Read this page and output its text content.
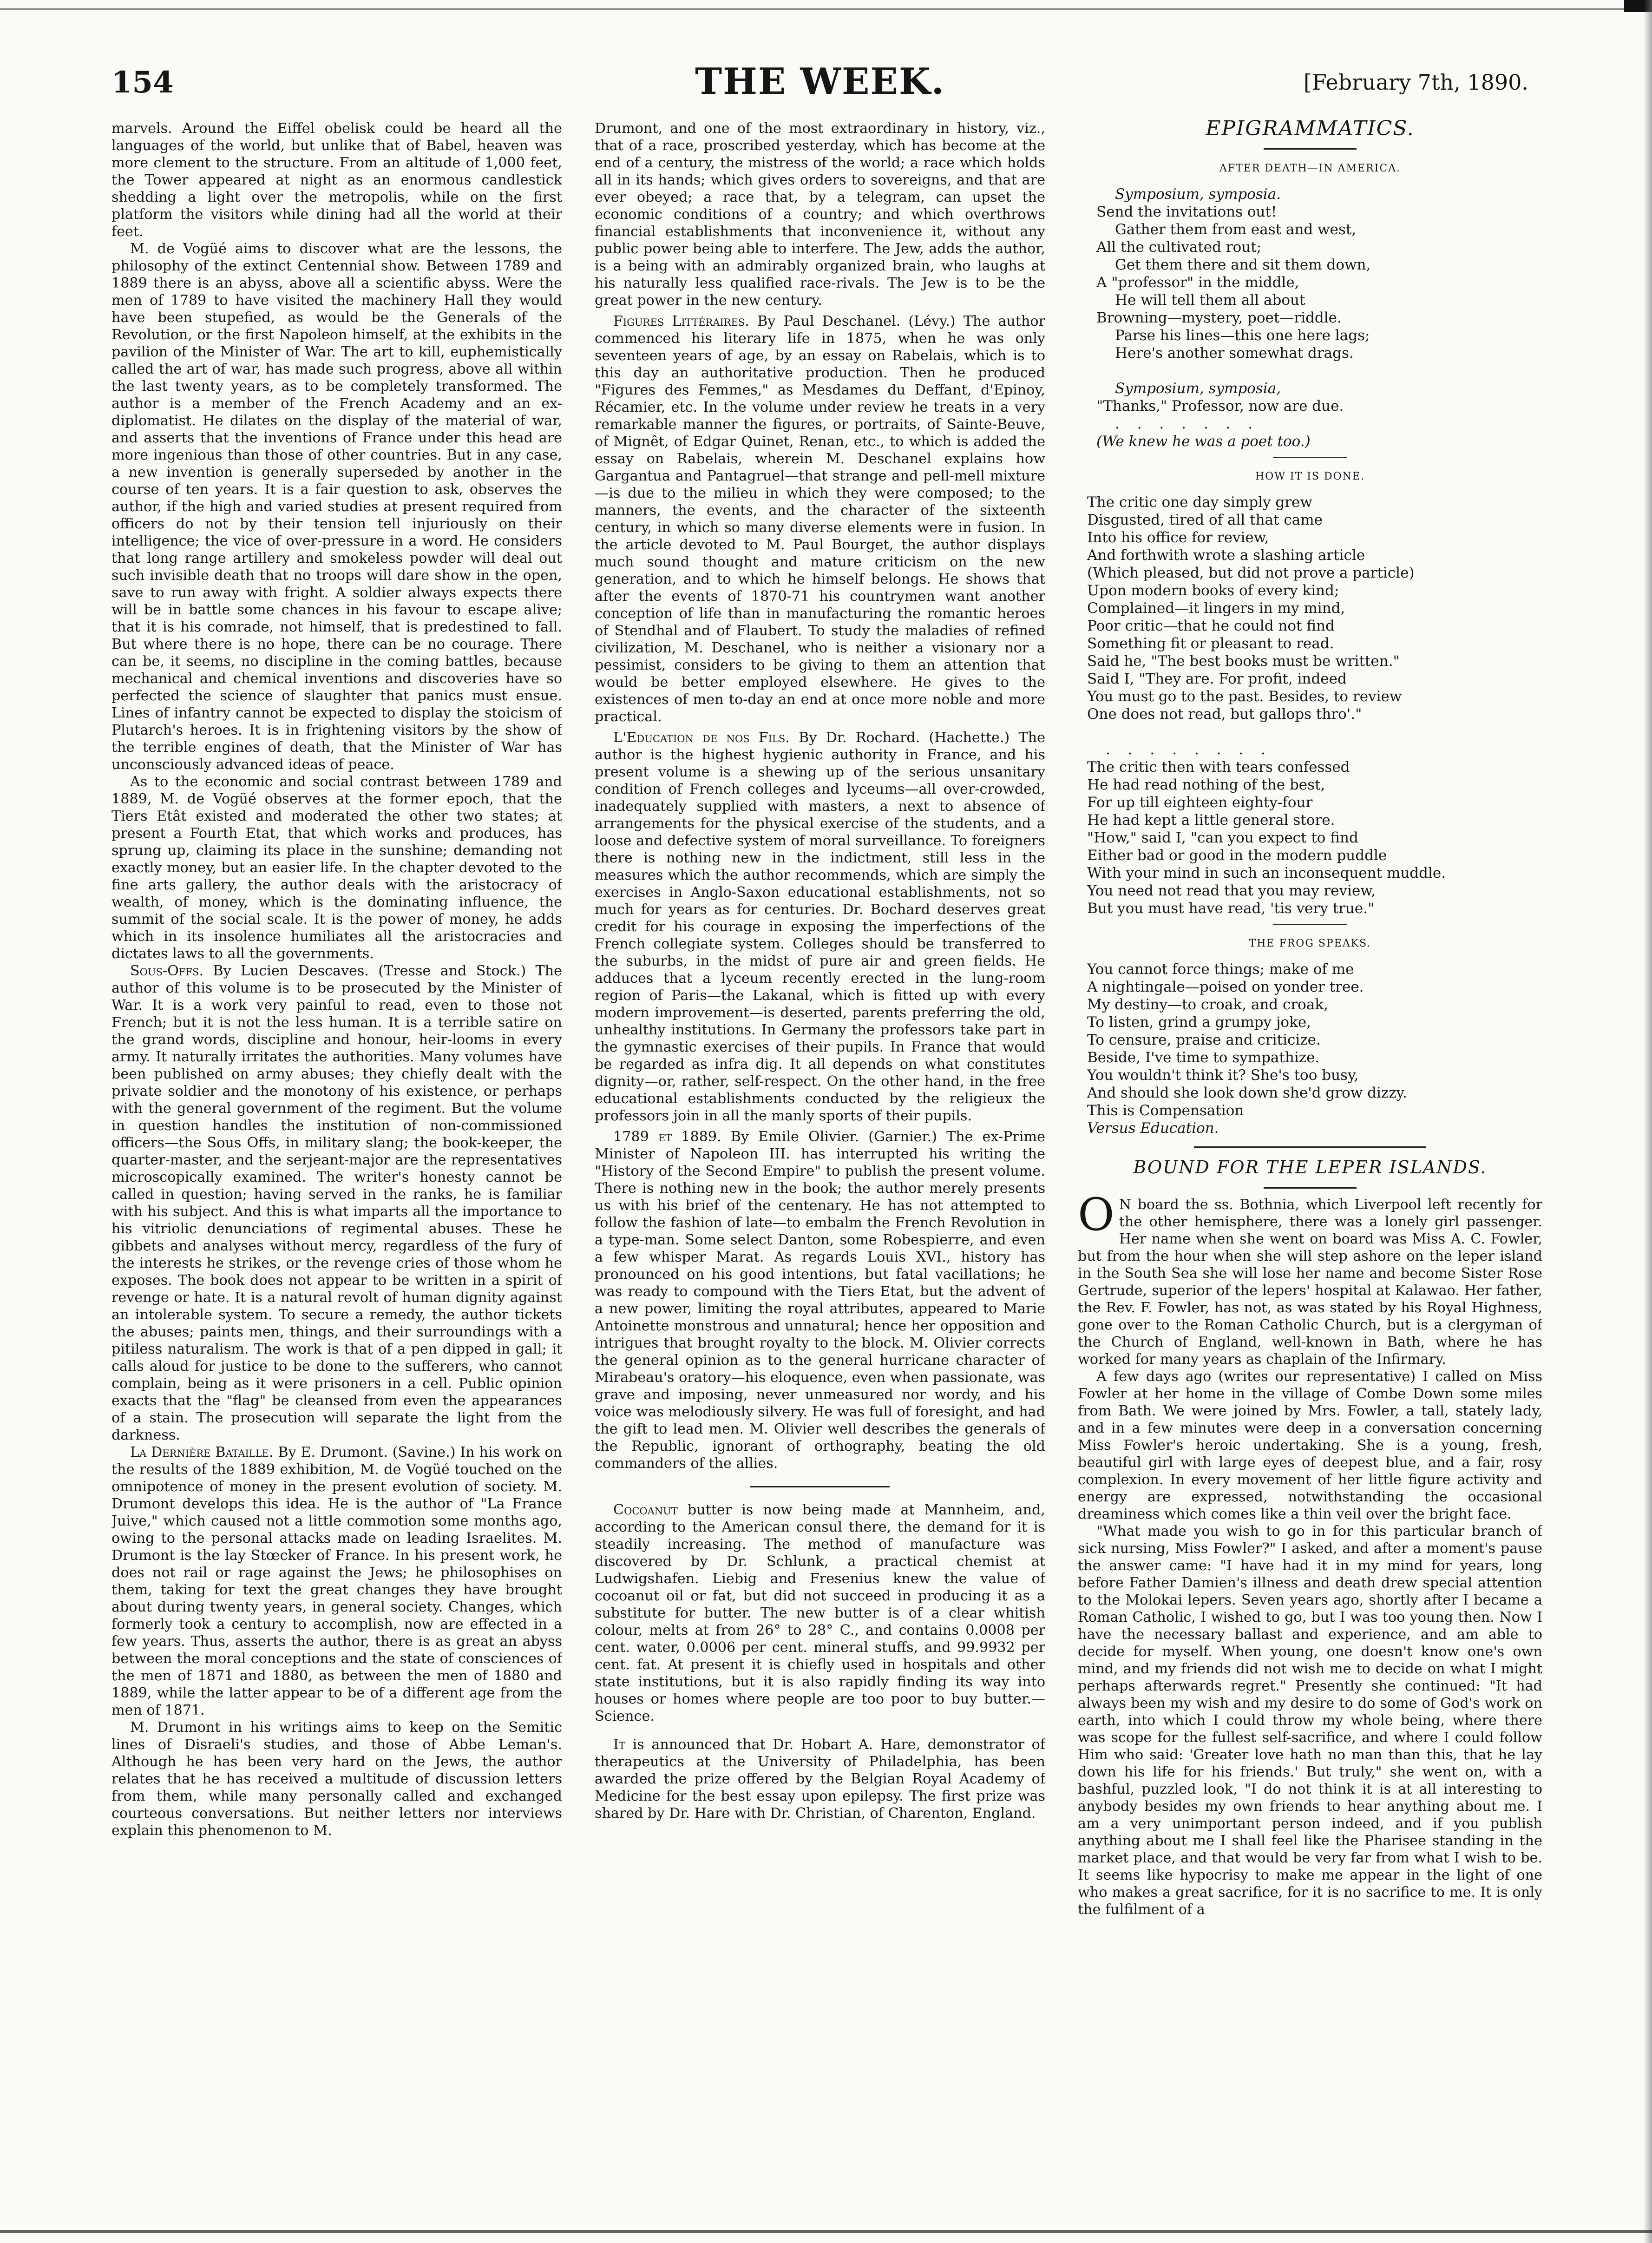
154	THE WEEK.	[February 7th, 1890.

marvels. Around the Eiffel obelisk could be heard all the languages of the world, but unlike that of Babel, heaven was more clement to the structure. From an altitude of 1,000 feet, the Tower appeared at night as an enormous candlestick shedding a light over the metropolis, while on the first platform the visitors while dining had all the world at their feet.

M. de Vogüé aims to discover what are the lessons, the philosophy of the extinct Centennial show. Between 1789 and 1889 there is an abyss, above all a scientific abyss. Were the men of 1789 to have visited the machinery Hall they would have been stupefied, as would be the Generals of the Revolution, or the first Napoleon himself, at the exhibits in the pavilion of the Minister of War. The art to kill, euphemistically called the art of war, has made such progress, above all within the last twenty years, as to be completely transformed. The author is a member of the French Academy and an ex-diplomatist. He dilates on the display of the material of war, and asserts that the inventions of France under this head are more ingenious than those of other countries. But in any case, a new invention is generally superseded by another in the course of ten years. It is a fair question to ask, observes the author, if the high and varied studies at present required from officers do not by their tension tell injuriously on their intelligence; the vice of over-pressure in a word. He considers that long range artillery and smokeless powder will deal out such invisible death that no troops will dare show in the open, save to run away with fright. A soldier always expects there will be in battle some chances in his favour to escape alive; that it is his comrade, not himself, that is predestined to fall. But where there is no hope, there can be no courage. There can be, it seems, no discipline in the coming battles, because mechanical and chemical inventions and discoveries have so perfected the science of slaughter that panics must ensue. Lines of infantry cannot be expected to display the stoicism of Plutarch's heroes. It is in frightening visitors by the show of the terrible engines of death, that the Minister of War has unconsciously advanced ideas of peace.

As to the economic and social contrast between 1789 and 1889, M. de Vogüé observes at the former epoch, that the Tiers Etât existed and moderated the other two states; at present a Fourth Etat, that which works and produces, has sprung up, claiming its place in the sunshine; demanding not exactly money, but an easier life. In the chapter devoted to the fine arts gallery, the author deals with the aristocracy of wealth, of money, which is the dominating influence, the summit of the social scale. It is the power of money, he adds which in its insolence humiliates all the aristocracies and dictates laws to all the governments.

Sous-Offs. By Lucien Descaves. (Tresse and Stock.) The author of this volume is to be prosecuted by the Minister of War. It is a work very painful to read, even to those not French; but it is not the less human. It is a terrible satire on the grand words, discipline and honour, heir-looms in every army. It naturally irritates the authorities. Many volumes have been published on army abuses; they chiefly dealt with the private soldier and the monotony of his existence, or perhaps with the general government of the regiment. But the volume in question handles the institution of non-commissioned officers—the Sous Offs, in military slang; the book-keeper, the quarter-master, and the serjeant-major are the representatives microscopically examined. The writer's honesty cannot be called in question; having served in the ranks, he is familiar with his subject. And this is what imparts all the importance to his vitriolic denunciations of regimental abuses. These he gibbets and analyses without mercy, regardless of the fury of the interests he strikes, or the revenge cries of those whom he exposes. The book does not appear to be written in a spirit of revenge or hate. It is a natural revolt of human dignity against an intolerable system. To secure a remedy, the author tickets the abuses; paints men, things, and their surroundings with a pitiless naturalism. The work is that of a pen dipped in gall; it calls aloud for justice to be done to the sufferers, who cannot complain, being as it were prisoners in a cell. Public opinion exacts that the "flag" be cleansed from even the appearances of a stain. The prosecution will separate the light from the darkness.

La Dernière Bataille. By E. Drumont. (Savine.) In his work on the results of the 1889 exhibition, M. de Vogüé touched on the omnipotence of money in the present evolution of society. M. Drumont develops this idea. He is the author of "La France Juive," which caused not a little commotion some months ago, owing to the personal attacks made on leading Israelites. M. Drumont is the lay Stœcker of France. In his present work, he does not rail or rage against the Jews; he philosophises on them, taking for text the great changes they have brought about during twenty years, in general society. Changes, which formerly took a century to accomplish, now are effected in a few years. Thus, asserts the author, there is as great an abyss between the moral conceptions and the state of consciences of the men of 1871 and 1880, as between the men of 1880 and 1889, while the latter appear to be of a different age from the men of 1871.

M. Drumont in his writings aims to keep on the Semitic lines of Disraeli's studies, and those of Abbe Leman's. Although he has been very hard on the Jews, the author relates that he has received a multitude of discussion letters from them, while many personally called and exchanged courteous conversations. But neither letters nor interviews explain this phenomenon to M.

Drumont, and one of the most extraordinary in history, viz., that of a race, proscribed yesterday, which has become at the end of a century, the mistress of the world; a race which holds all in its hands; which gives orders to sovereigns, and that are ever obeyed; a race that, by a telegram, can upset the economic conditions of a country; and which overthrows financial establishments that inconvenience it, without any public power being able to interfere. The Jew, adds the author, is a being with an admirably organized brain, who laughs at his naturally less qualified race-rivals. The Jew is to be the great power in the new century.

Figures Littéraires. By Paul Deschanel. (Lévy.) The author commenced his literary life in 1875, when he was only seventeen years of age, by an essay on Rabelais, which is to this day an authoritative production. Then he produced "Figures des Femmes," as Mesdames du Deffant, d'Epinoy, Récamier, etc. In the volume under review he treats in a very remarkable manner the figures, or portraits, of Sainte-Beuve, of Mignêt, of Edgar Quinet, Renan, etc., to which is added the essay on Rabelais, wherein M. Deschanel explains how Gargantua and Pantagruel—that strange and pell-mell mixture—is due to the milieu in which they were composed; to the manners, the events, and the character of the sixteenth century, in which so many diverse elements were in fusion. In the article devoted to M. Paul Bourget, the author displays much sound thought and mature criticism on the new generation, and to which he himself belongs. He shows that after the events of 1870-71 his countrymen want another conception of life than in manufacturing the romantic heroes of Stendhal and of Flaubert. To study the maladies of refined civilization, M. Deschanel, who is neither a visionary nor a pessimist, considers to be giving to them an attention that would be better employed elsewhere. He gives to the existences of men to-day an end at once more noble and more practical.

L'Education de nos Fils. By Dr. Rochard. (Hachette.) The author is the highest hygienic authority in France, and his present volume is a shewing up of the serious unsanitary condition of French colleges and lyceums—all over-crowded, inadequately supplied with masters, a next to absence of arrangements for the physical exercise of the students, and a loose and defective system of moral surveillance. To foreigners there is nothing new in the indictment, still less in the measures which the author recommends, which are simply the exercises in Anglo-Saxon educational establishments, not so much for years as for centuries. Dr. Bochard deserves great credit for his courage in exposing the imperfections of the French collegiate system. Colleges should be transferred to the suburbs, in the midst of pure air and green fields. He adduces that a lyceum recently erected in the lung-room region of Paris—the Lakanal, which is fitted up with every modern improvement—is deserted, parents preferring the old, unhealthy institutions. In Germany the professors take part in the gymnastic exercises of their pupils. In France that would be regarded as infra dig. It all depends on what constitutes dignity—or, rather, self-respect. On the other hand, in the free educational establishments conducted by the religieux the professors join in all the manly sports of their pupils.

1789 et 1889. By Emile Olivier. (Garnier.) The ex-Prime Minister of Napoleon III. has interrupted his writing the "History of the Second Empire" to publish the present volume. There is nothing new in the book; the author merely presents us with his brief of the centenary. He has not attempted to follow the fashion of late—to embalm the French Revolution in a type-man. Some select Danton, some Robespierre, and even a few whisper Marat. As regards Louis XVI., history has pronounced on his good intentions, but fatal vacillations; he was ready to compound with the Tiers Etat, but the advent of a new power, limiting the royal attributes, appeared to Marie Antoinette monstrous and unnatural; hence her opposition and intrigues that brought royalty to the block. M. Olivier corrects the general opinion as to the general hurricane character of Mirabeau's oratory—his eloquence, even when passionate, was grave and imposing, never unmeasured nor wordy, and his voice was melodiously silvery. He was full of foresight, and had the gift to lead men. M. Olivier well describes the generals of the Republic, ignorant of orthography, beating the old commanders of the allies.

Cocoanut butter is now being made at Mannheim, and, according to the American consul there, the demand for it is steadily increasing. The method of manufacture was discovered by Dr. Schlunk, a practical chemist at Ludwigshafen. Liebig and Fresenius knew the value of cocoanut oil or fat, but did not succeed in producing it as a substitute for butter. The new butter is of a clear whitish colour, melts at from 26° to 28° C., and contains 0.0008 per cent. water, 0.0006 per cent. mineral stuffs, and 99.9932 per cent. fat. At present it is chiefly used in hospitals and other state institutions, but it is also rapidly finding its way into houses or homes where people are too poor to buy butter.—Science.

It is announced that Dr. Hobart A. Hare, demonstrator of therapeutics at the University of Philadelphia, has been awarded the prize offered by the Belgian Royal Academy of Medicine for the best essay upon epilepsy. The first prize was shared by Dr. Hare with Dr. Christian, of Charenton, England.

EPIGRAMMATICS.
AFTER DEATH—IN AMERICA.
Symposium, symposia.
Send the invitations out!
Gather them from east and west,
All the cultivated rout;
Get them there and sit them down,
A "professor" in the middle,
He will tell them all about
Browning—mystery, poet—riddle.
Parse his lines—this one here lags;
Here's another somewhat drags.
Symposium, symposia,
"Thanks," Professor, now are due.
. . . . . . .
(We knew he was a poet too.)
HOW IT IS DONE.
The critic one day simply grew
Disgusted, tired of all that came
Into his office for review,
And forthwith wrote a slashing article
(Which pleased, but did not prove a particle)
Upon modern books of every kind;
Complained—it lingers in my mind,
Poor critic—that he could not find
Something fit or pleasant to read.
Said he, "The best books must be written."
Said I, "They are. For profit, indeed
You must go to the past. Besides, to review
One does not read, but gallops thro'."
. . . . . . . .
The critic then with tears confessed
He had read nothing of the best,
For up till eighteen eighty-four
He had kept a little general store.
"How," said I, "can you expect to find
Either bad or good in the modern puddle
With your mind in such an inconsequent muddle.
You need not read that you may review,
But you must have read, 'tis very true."
THE FROG SPEAKS.
You cannot force things; make of me
A nightingale—poised on yonder tree.
My destiny—to croak, and croak,
To listen, grind a grumpy joke,
To censure, praise and criticize.
Beside, I've time to sympathize.
You wouldn't think it? She's too busy,
And should she look down she'd grow dizzy.
This is Compensation
Versus Education.
BOUND FOR THE LEPER ISLANDS.

O N board the ss. Bothnia, which Liverpool left recently for the other hemisphere, there was a lonely girl passenger. Her name when she went on board was Miss A. C. Fowler, but from the hour when she will step ashore on the leper island in the South Sea she will lose her name and become Sister Rose Gertrude, superior of the lepers' hospital at Kalawao. Her father, the Rev. F. Fowler, has not, as was stated by his Royal Highness, gone over to the Roman Catholic Church, but is a clergyman of the Church of England, well-known in Bath, where he has worked for many years as chaplain of the Infirmary.

A few days ago (writes our representative) I called on Miss Fowler at her home in the village of Combe Down some miles from Bath. We were joined by Mrs. Fowler, a tall, stately lady, and in a few minutes were deep in a conversation concerning Miss Fowler's heroic undertaking. She is a young, fresh, beautiful girl with large eyes of deepest blue, and a fair, rosy complexion. In every movement of her little figure activity and energy are expressed, notwithstanding the occasional dreaminess which comes like a thin veil over the bright face.

"What made you wish to go in for this particular branch of sick nursing, Miss Fowler?" I asked, and after a moment's pause the answer came: "I have had it in my mind for years, long before Father Damien's illness and death drew special attention to the Molokai lepers. Seven years ago, shortly after I became a Roman Catholic, I wished to go, but I was too young then. Now I have the necessary ballast and experience, and am able to decide for myself. When young, one doesn't know one's own mind, and my friends did not wish me to decide on what I might perhaps afterwards regret." Presently she continued: "It had always been my wish and my desire to do some of God's work on earth, into which I could throw my whole being, where there was scope for the fullest self-sacrifice, and where I could follow Him who said: 'Greater love hath no man than this, that he lay down his life for his friends.' But truly," she went on, with a bashful, puzzled look, "I do not think it is at all interesting to anybody besides my own friends to hear anything about me. I am a very unimportant person indeed, and if you publish anything about me I shall feel like the Pharisee standing in the market place, and that would be very far from what I wish to be. It seems like hypocrisy to make me appear in the light of one who makes a great sacrifice, for it is no sacrifice to me. It is only the fulfilment of a
